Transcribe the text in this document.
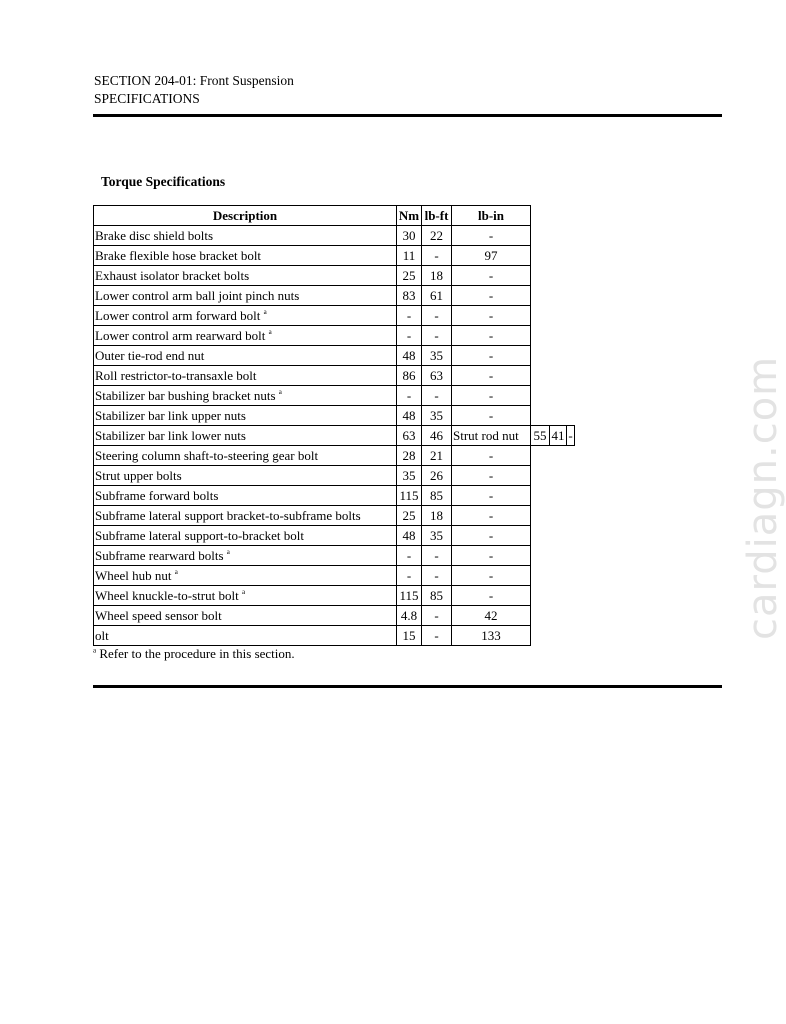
SECTION 204-01: Front Suspension
SPECIFICATIONS
Torque Specifications
Description	Nm	lb-ft	lb-in			
Brake disc shield bolts	30	22	-			
Brake flexible hose bracket bolt	11	-	97			
Exhaust isolator bracket bolts	25	18	-			
Lower control arm ball joint pinch nuts	83	61	-			
Lower control arm forward bolt $^a$	-	-	-			
Lower control arm rearward bolt $^a$	-	-	-			
Outer tie-rod end nut	48	35	-			
Roll restrictor-to-transaxle bolt	86	63	-			
Stabilizer bar bushing bracket nuts $^a$	-	-	-			
Stabilizer bar link upper nuts	48	35	-			
Stabilizer bar link lower nuts	63	46	Strut rod nut	55	41	-
Steering column shaft-to-steering gear bolt	28	21	-			
Strut upper bolts	35	26	-			
Subframe forward bolts	115	85	-			
Subframe lateral support bracket-to-subframe bolts	25	18	-			
Subframe lateral support-to-bracket bolt	48	35	-			
Subframe rearward bolts $^a$	-	-	-			
Wheel hub nut $^a$	-	-	-			
Wheel knuckle-to-strut bolt $^a$	115	85	-			
Wheel speed sensor bolt	4.8	-	42			
olt	15	-	133			
$^a$ Refer to the procedure in this section.
cardiagn.com
